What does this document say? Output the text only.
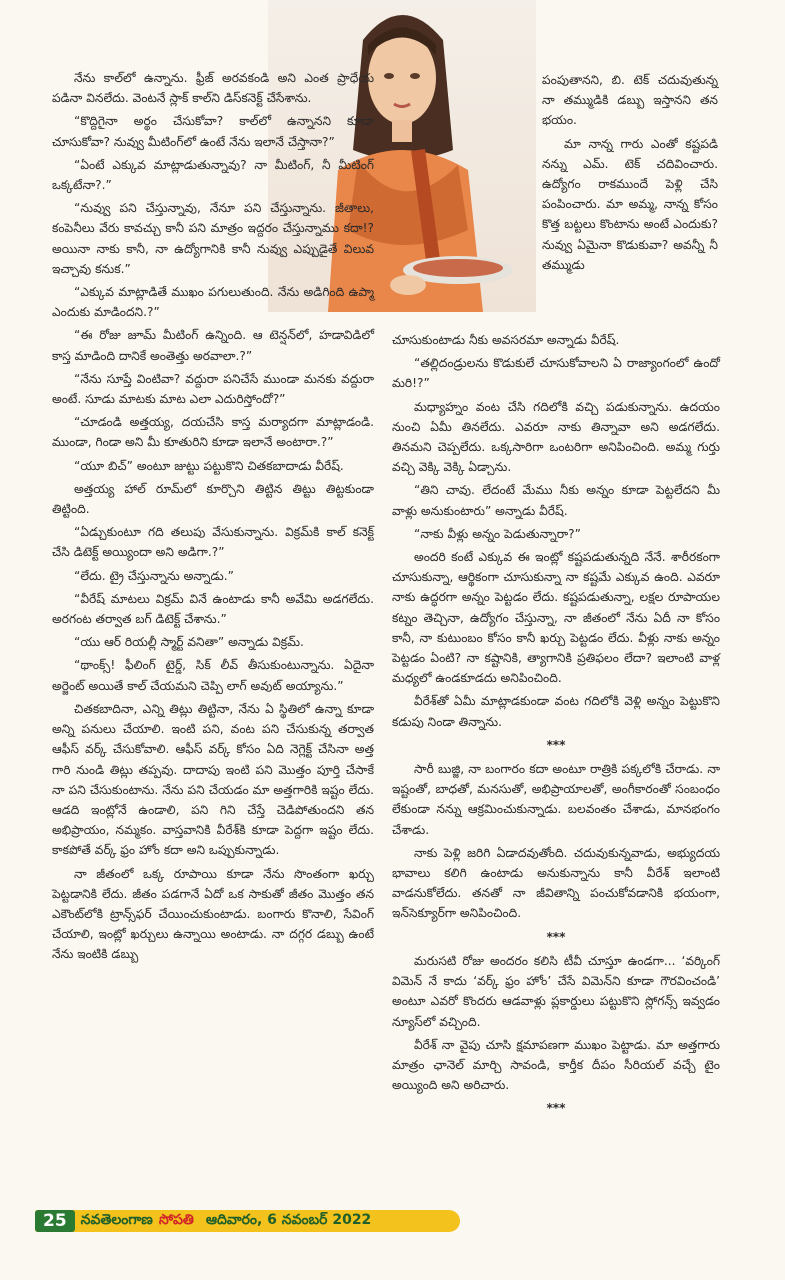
నేను కాల్‌లో ఉన్నాను. ఫ్రీజ్ అరవకండి అని ఎంత ప్రాధేయ పడినా వినలేదు. వెంటనే స్లాక్ కాల్‌ని డిస్‌కనెక్ట్ చేసేశాను.

“కొద్దిగైనా అర్థం చేసుకోవా? కాల్‌లో ఉన్నానని కూడా చూసుకోవా? నువ్వు మీటింగ్‌లో ఉంటే నేను ఇలానే చేస్తానా?”

“ఏంటే ఎక్కువ మాట్లాడుతున్నావు? నా మీటింగ్, నీ మీటింగ్ ఒక్కటేనా?.”

“నువ్వు పని చేస్తున్నావు, నేనూ పని చేస్తున్నాను. జీతాలు, కంపెనీలు వేరు కావచ్చు కానీ పని మాత్రం ఇద్దరం చేస్తున్నాము కదా!? అయినా నాకు కానీ, నా ఉద్యోగానికి కానీ నువ్వు ఎప్పుడైతే విలువ ఇచ్చావు కనుక.”

“ఎక్కువ మాట్లాడితే ముఖం పగులుతుంది. నేను అడిగింది ఉప్మా ఎందుకు మాడిందని.?”

“ఈ రోజు జూమ్ మీటింగ్ ఉన్నింది. ఆ టెన్షన్‌లో, హడావిడిలో కాస్త మాడింది దానికే అంతెత్తు అరవాలా.?”

“నేను సూప్తే వింటివా? వద్దురా పనిచేసే ముండా మనకు వద్దురా అంటే. సూడు మాటకు మాట ఎలా ఎదురిస్తోందో?”

“చూడండి అత్తయ్య, దయచేసి కాస్త మర్యాదగా మాట్లాడండి. ముండా, గిండా అని మీ కూతురిని కూడా ఇలానే అంటారా.?”

“యూ బిచ్” అంటూ జుట్టు పట్టుకొని చితకబాదాడు వీరేష్.

అత్తయ్య హాల్ రూమ్‌లో కూర్చొని తిట్టిన తిట్టు తిట్టకుండా తిట్టింది.

“ఏడ్చుకుంటూ గది తలుపు వేసుకున్నాను. విక్రమ్‌కి కాల్ కనెక్ట్ చేసి డిటెక్ట్ అయ్యిందా అని అడిగా.?”

“లేదు. ట్రై చేస్తున్నాను అన్నాడు.”

“వీరేష్ మాటలు విక్రమ్ వినే ఉంటాడు కానీ అవేమి అడగలేదు. అరగంట తర్వాత బగ్ డిటెక్ట్ చేశాను.”

“యు ఆర్ రియల్లీ స్మార్ట్ వనితా” అన్నాడు విక్రమ్.

“థాంక్స్! ఫీలింగ్ టైర్డ్, సిక్ లీవ్ తీసుకుంటున్నాను. ఏదైనా అర్జెంట్ అయితే కాల్ చేయమని చెప్పి లాగ్ అవుట్ అయ్యాను.”

చితకబాదినా, ఎన్ని తిట్లు తిట్టినా, నేను ఏ స్థితిలో ఉన్నా కూడా అన్ని పనులు చేయాలి. ఇంటి పని, వంట పని చేసుకున్న తర్వాత ఆఫీస్ వర్క్ చేసుకోవాలి. ఆఫీస్ వర్క్ కోసం ఏది నెగ్లెక్ట్ చేసినా అత్త గారి నుండి తిట్లు తప్పవు. దాదాపు ఇంటి పని మొత్తం పూర్తి చేసాకే నా పని చేసుకుంటాను. నేను పని చేయడం మా అత్తగారికి ఇష్టం లేదు. ఆడది ఇంట్లోనే ఉండాలి, పని గిని చేస్తే చెడిపోతుందని తన అభిప్రాయం, నమ్మకం. వాస్తవానికి వీరేశ్‌కి కూడా పెద్దగా ఇష్టం లేదు. కాకపోతే వర్క్ ఫ్రం హోం కదా అని ఒప్పుకున్నాడు.

నా జీతంలో ఒక్క రూపాయి కూడా నేను సొంతంగా ఖర్చు పెట్టడానికి లేదు. జీతం పడగానే ఏదో ఒక సాకుతో జీతం మొత్తం తన ఎకౌంట్‌లోకి ట్రాన్స్‌ఫర్ చేయించుకుంటాడు. బంగారు కొనాలి, సేవింగ్ చేయాలి, ఇంట్లో ఖర్చులు ఉన్నాయి అంటాడు. నా దగ్గర డబ్బు ఉంటే నేను ఇంటికి డబ్బు

పంపుతానని, బి. టెక్ చదువుతున్న నా తమ్ముడికి డబ్బు ఇస్తానని తన భయం.

మా నాన్న గారు ఎంతో కష్టపడి నన్ను ఎమ్. టెక్ చదివించారు. ఉద్యోగం రాకముందే పెళ్లి చేసి పంపించారు. మా అమ్మ, నాన్న కోసం కొత్త బట్టలు కొంటాను అంటే ఎందుకు? నువ్వు ఏమైనా కొడుకువా? అవన్నీ నీ తమ్ముడు

చూసుకుంటాడు నీకు అవసరమా అన్నాడు వీరేష్.

“తల్లిదండ్రులను కొడుకులే చూసుకోవాలని ఏ రాజ్యాంగంలో ఉందో మరి!?”

మధ్యాహ్నం వంట చేసి గదిలోకి వచ్చి పడుకున్నాను. ఉదయం నుంచి ఏమీ తినలేదు. ఎవరూ నాకు తిన్నావా అని అడగలేదు. తినమని చెప్పలేదు. ఒక్కసారిగా ఒంటరిగా అనిపించింది. అమ్మ గుర్తు వచ్చి వెక్కి వెక్కి ఏడ్చాను.

“తిని చావు. లేదంటే మేము నీకు అన్నం కూడా పెట్టలేదని మీ వాళ్లు అనుకుంటారు” అన్నాడు వీరేష్.

“నాకు వీళ్లు అన్నం పెడుతున్నారా?”

అందరి కంటే ఎక్కువ ఈ ఇంట్లో కష్టపడుతున్నది నేనే. శారీరకంగా చూసుకున్నా, ఆర్థికంగా చూసుకున్నా నా కష్టమే ఎక్కువ ఉంది. ఎవరూ నాకు ఉద్ధరగా అన్నం పెట్టడం లేదు. కష్టపడుతున్నా, లక్షల రూపాయల కట్నం తెచ్చినా, ఉద్యోగం చేస్తున్నా, నా జీతంలో నేను ఏదీ నా కోసం కానీ, నా కుటుంబం కోసం కానీ ఖర్చు పెట్టడం లేదు. వీళ్లు నాకు అన్నం పెట్టడం ఏంటి? నా కష్టానికి, త్యాగానికి ప్రతిఫలం లేదా? ఇలాంటి వాళ్ల మధ్యలో ఉండకూడదు అనిపించింది.

వీరేశ్‌తో ఏమీ మాట్లాడకుండా వంట గదిలోకి వెళ్లి అన్నం పెట్టుకొని కడుపు నిండా తిన్నాను.

***

సారీ బుజ్జి, నా బంగారం కదా అంటూ రాత్రికి పక్కలోకి చేరాడు. నా ఇష్టంతో, బాధతో, మనసుతో, అభిప్రాయాలతో, అంగీకారంతో సంబంధం లేకుండా నన్ను ఆక్రమించుకున్నాడు. బలవంతం చేశాడు, మానభంగం చేశాడు.

నాకు పెళ్లి జరిగి ఏడాదవుతోంది. చదువుకున్నవాడు, అభ్యుదయ భావాలు కలిగి ఉంటాడు అనుకున్నాను కానీ వీరేశ్ ఇలాంటి వాడనుకోలేదు. తనతో నా జీవితాన్ని పంచుకోవడానికి భయంగా, ఇన్‌సెక్యూర్‌గా అనిపించింది.

***

మరుసటి రోజు అందరం కలిసి టీవీ చూస్తూ ఉండగా... ‘వర్కింగ్ విమెన్ నే కాదు ‘వర్క్ ఫ్రం హోం’ చేసే విమెన్‌ని కూడా గౌరవించండి’ అంటూ ఎవరో కొందరు ఆడవాళ్లు ప్లకార్డులు పట్టుకొని స్లోగన్స్ ఇవ్వడం న్యూస్‌లో వచ్చింది.

వీరేశ్ నా వైపు చూసి క్షమాపణగా ముఖం పెట్టాడు. మా అత్తగారు మాత్రం ఛానెల్ మార్చి సావండి, కార్తీక దీపం సీరియల్ వచ్చే టైం అయ్యింది అని అరిచారు.

***

25	నవతెలంగాణ సోపతి ఆదివారం, 6 నవంబర్ 2022
